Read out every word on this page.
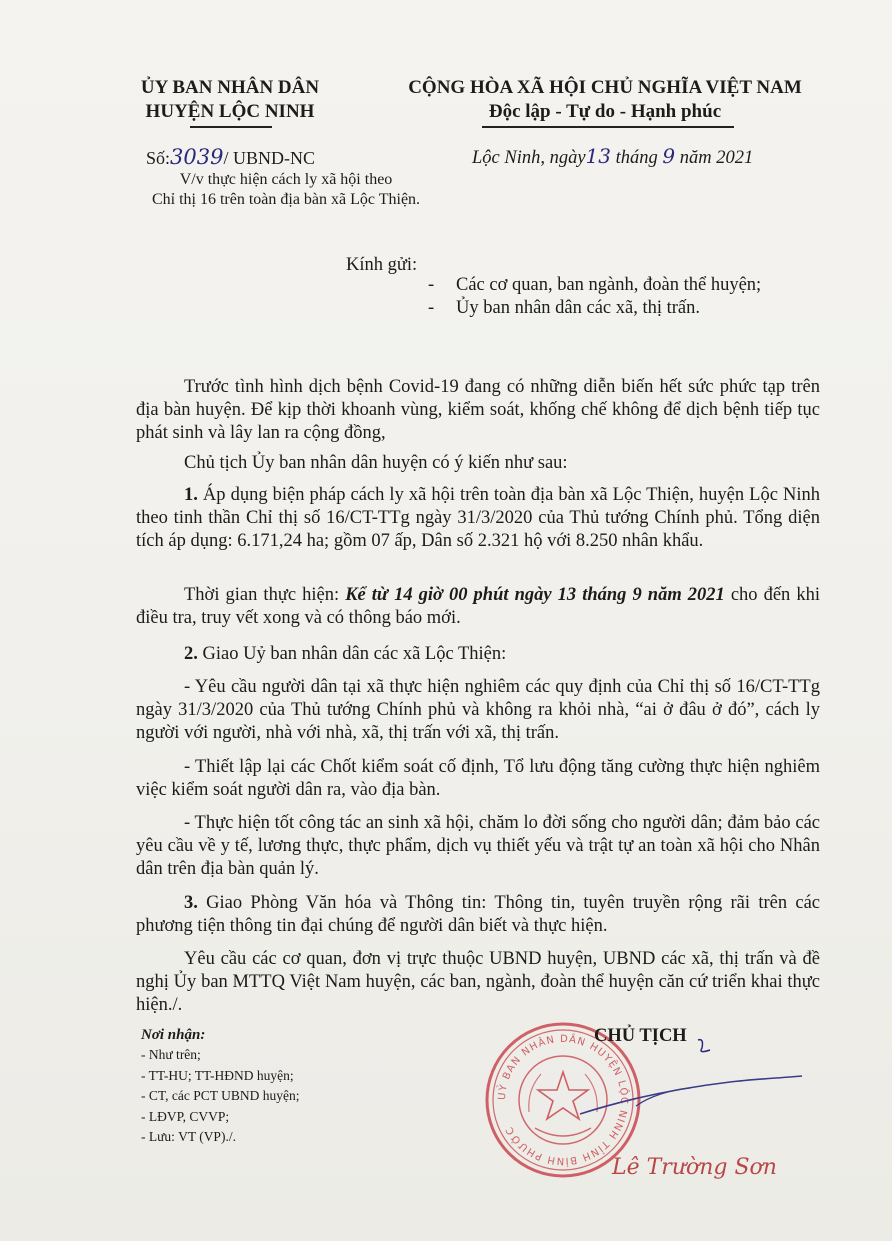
ỦY BAN NHÂN DÂN
HUYỆN LỘC NINH
CỘNG HÒA XÃ HỘI CHỦ NGHĨA VIỆT NAM
Độc lập - Tự do - Hạnh phúc
Số:3039/ UBND-NC
V/v thực hiện cách ly xã hội theo
Chỉ thị 16 trên toàn địa bàn xã Lộc Thiện.
Lộc Ninh, ngày13 tháng 9 năm 2021
Kính gửi:
-	Các cơ quan, ban ngành, đoàn thể huyện;
-	Ủy ban nhân dân các xã, thị trấn.
Trước tình hình dịch bệnh Covid-19 đang có những diễn biến hết sức phức tạp trên địa bàn huyện. Để kịp thời khoanh vùng, kiểm soát, khống chế không để dịch bệnh tiếp tục phát sinh và lây lan ra cộng đồng,
Chủ tịch Ủy ban nhân dân huyện có ý kiến như sau:
1. Áp dụng biện pháp cách ly xã hội trên toàn địa bàn xã Lộc Thiện, huyện Lộc Ninh theo tinh thần Chỉ thị số 16/CT-TTg ngày 31/3/2020 của Thủ tướng Chính phủ. Tổng diện tích áp dụng: 6.171,24 ha; gồm 07 ấp, Dân số 2.321 hộ với 8.250 nhân khẩu.
Thời gian thực hiện: Kể từ 14 giờ 00 phút ngày 13 tháng 9 năm 2021 cho đến khi điều tra, truy vết xong và có thông báo mới.
2. Giao Uỷ ban nhân dân các xã Lộc Thiện:
- Yêu cầu người dân tại xã thực hiện nghiêm các quy định của Chỉ thị số 16/CT-TTg ngày 31/3/2020 của Thủ tướng Chính phủ và không ra khỏi nhà, “ai ở đâu ở đó”, cách ly người với người, nhà với nhà, xã, thị trấn với xã, thị trấn.
- Thiết lập lại các Chốt kiểm soát cố định, Tổ lưu động tăng cường thực hiện nghiêm việc kiểm soát người dân ra, vào địa bàn.
- Thực hiện tốt công tác an sinh xã hội, chăm lo đời sống cho người dân; đảm bảo các yêu cầu về y tế, lương thực, thực phẩm, dịch vụ thiết yếu và trật tự an toàn xã hội cho Nhân dân trên địa bàn quản lý.
3. Giao Phòng Văn hóa và Thông tin: Thông tin, tuyên truyền rộng rãi trên các phương tiện thông tin đại chúng để người dân biết và thực hiện.
Yêu cầu các cơ quan, đơn vị trực thuộc UBND huyện, UBND các xã, thị trấn và đề nghị Ủy ban MTTQ Việt Nam huyện, các ban, ngành, đoàn thể huyện căn cứ triển khai thực hiện./.
Nơi nhận:
- Như trên;
- TT-HU; TT-HĐND huyện;
- CT, các PCT UBND huyện;
- LĐVP, CVVP;
- Lưu: VT (VP)./.
UỶ BAN NHÂN DÂN HUYỆN LỘC NINH TỈNH BÌNH PHƯỚC
CHỦ TỊCH
Lê Trường Sơn
